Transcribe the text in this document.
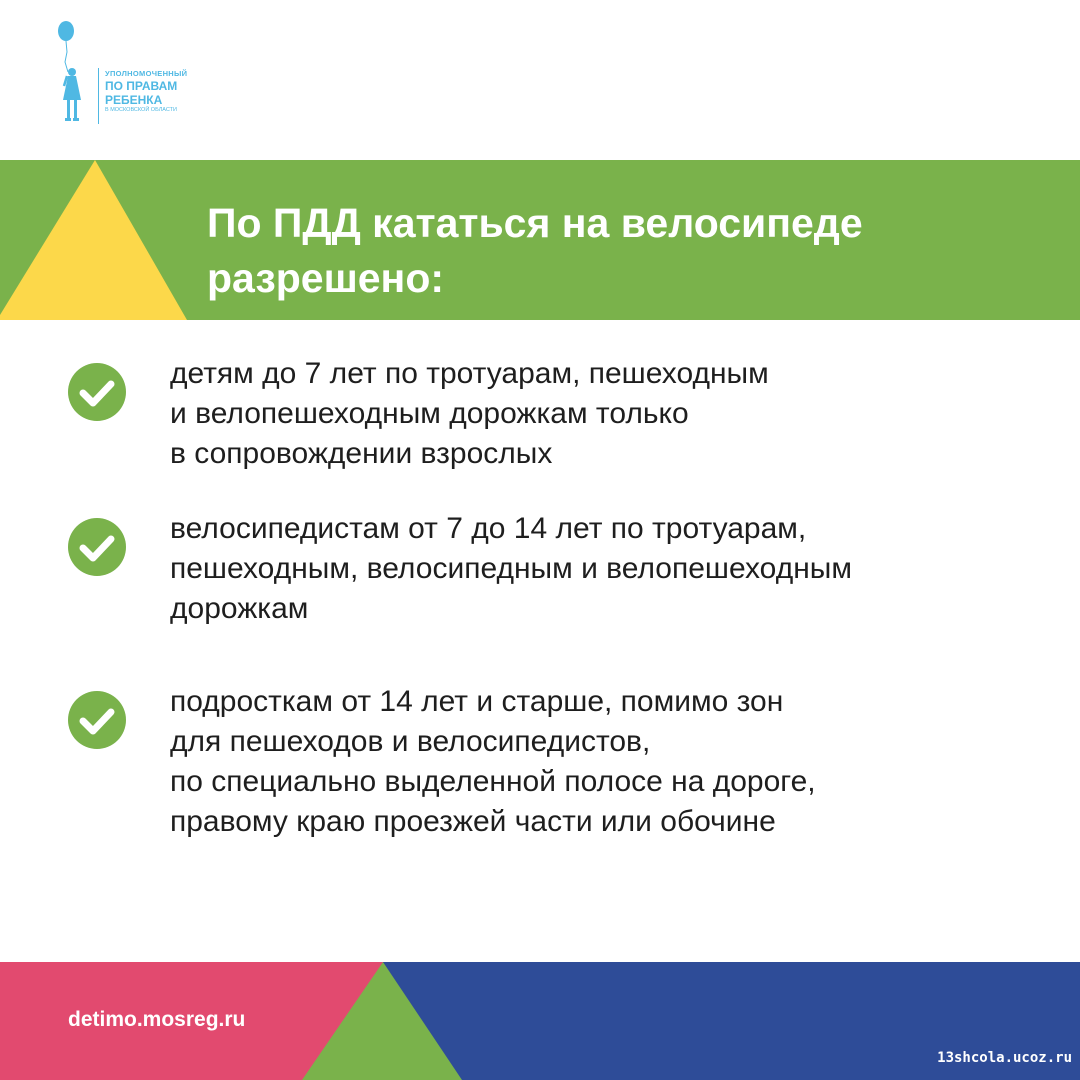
УПОЛНОМОЧЕННЫЙ
ПО ПРАВАМ
РЕБЕНКА
В МОСКОВСКОЙ ОБЛАСТИ
По ПДД кататься на велосипеде разрешено:

детям до 7 лет по тротуарам, пешеходным
и велопешеходным дорожкам только
в сопровождении взрослых

велосипедистам от 7 до 14 лет по тротуарам,
пешеходным, велосипедным и велопешеходным
дорожкам

подросткам от 14 лет и старше, помимо зон
для пешеходов и велосипедистов,
по специально выделенной полосе на дороге,
правому краю проезжей части или обочине

detimo.mosreg.ru
13shcola.ucoz.ru
